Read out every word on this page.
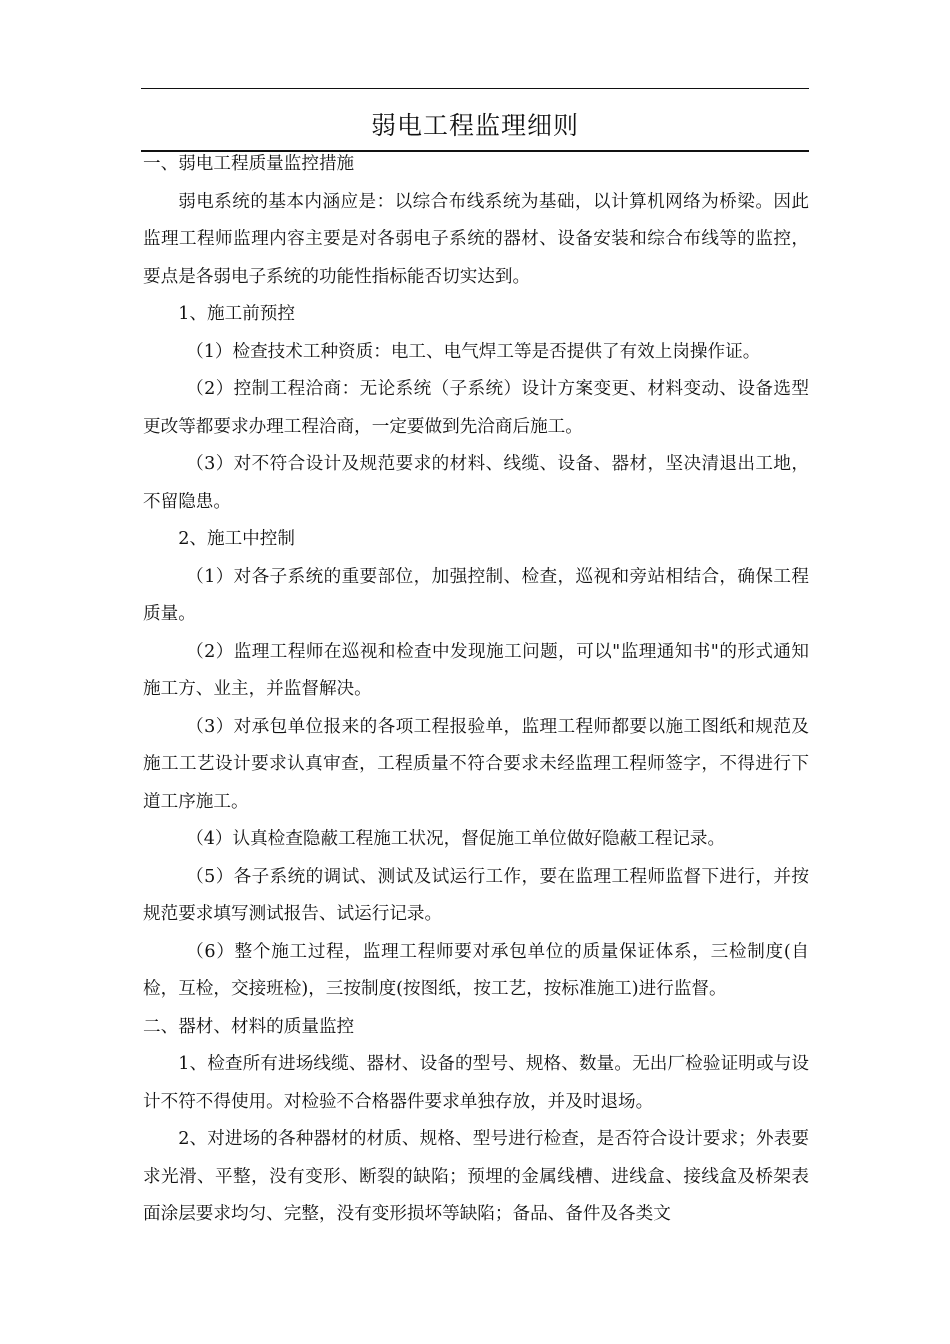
弱电工程监理细则

一、弱电工程质量监控措施

弱电系统的基本内涵应是：以综合布线系统为基础，以计算机网络为桥梁。因此监理工程师监理内容主要是对各弱电子系统的器材、设备安装和综合布线等的监控，要点是各弱电子系统的功能性指标能否切实达到。

1、施工前预控

（1）检查技术工种资质：电工、电气焊工等是否提供了有效上岗操作证。

（2）控制工程洽商：无论系统（子系统）设计方案变更、材料变动、设备选型更改等都要求办理工程洽商，一定要做到先洽商后施工。

（3）对不符合设计及规范要求的材料、线缆、设备、器材，坚决清退出工地，不留隐患。

2、施工中控制

（1）对各子系统的重要部位，加强控制、检查，巡视和旁站相结合，确保工程质量。

（2）监理工程师在巡视和检查中发现施工问题，可以"监理通知书"的形式通知施工方、业主，并监督解决。

（3）对承包单位报来的各项工程报验单，监理工程师都要以施工图纸和规范及施工工艺设计要求认真审查，工程质量不符合要求未经监理工程师签字，不得进行下道工序施工。

（4）认真检查隐蔽工程施工状况，督促施工单位做好隐蔽工程记录。

（5）各子系统的调试、测试及试运行工作，要在监理工程师监督下进行，并按规范要求填写测试报告、试运行记录。

（6）整个施工过程，监理工程师要对承包单位的质量保证体系，三检制度(自检，互检，交接班检)，三按制度(按图纸，按工艺，按标准施工)进行监督。

二、器材、材料的质量监控

1、检查所有进场线缆、器材、设备的型号、规格、数量。无出厂检验证明或与设计不符不得使用。对检验不合格器件要求单独存放，并及时退场。

2、对进场的各种器材的材质、规格、型号进行检查，是否符合设计要求；外表要求光滑、平整，没有变形、断裂的缺陷；预埋的金属线槽、进线盒、接线盒及桥架表面涂层要求均匀、完整，没有变形损坏等缺陷；备品、备件及各类文
